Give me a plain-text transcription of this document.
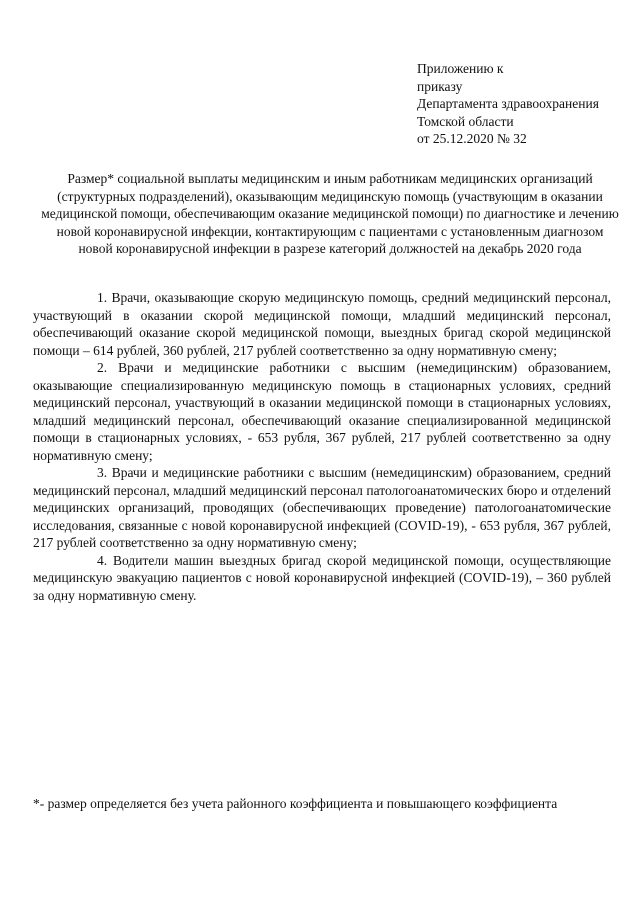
Приложению к
приказу
Департамента здравоохранения
Томской области
от 25.12.2020 № 32
Размер* социальной выплаты медицинским и иным работникам медицинских организаций (структурных подразделений), оказывающим медицинскую помощь (участвующим в оказании медицинской помощи, обеспечивающим оказание медицинской помощи) по диагностике и лечению новой коронавирусной инфекции, контактирующим с пациентами с установленным диагнозом новой коронавирусной инфекции в разрезе категорий должностей на декабрь 2020 года

1. Врачи, оказывающие скорую медицинскую помощь, средний медицинский персонал, участвующий в оказании скорой медицинской помощи, младший медицинский персонал, обеспечивающий оказание скорой медицинской помощи, выездных бригад скорой медицинской помощи – 614 рублей, 360 рублей, 217 рублей соответственно за одну нормативную смену;

2. Врачи и медицинские работники с высшим (немедицинским) образованием, оказывающие специализированную медицинскую помощь в стационарных условиях, средний медицинский персонал, участвующий в оказании медицинской помощи в стационарных условиях, младший медицинский персонал, обеспечивающий оказание специализированной медицинской помощи в стационарных условиях, - 653 рубля, 367 рублей, 217 рублей соответственно за одну нормативную смену;

3. Врачи и медицинские работники с высшим (немедицинским) образованием, средний медицинский персонал, младший медицинский персонал патологоанатомических бюро и отделений медицинских организаций, проводящих (обеспечивающих проведение) патологоанатомические исследования, связанные с новой коронавирусной инфекцией (COVID-19), - 653 рубля, 367 рублей, 217 рублей соответственно за одну нормативную смену;

4. Водители машин выездных бригад скорой медицинской помощи, осуществляющие медицинскую эвакуацию пациентов с новой коронавирусной инфекцией (COVID-19), – 360 рублей за одну нормативную смену.

*- размер определяется без учета районного коэффициента и повышающего коэффициента
